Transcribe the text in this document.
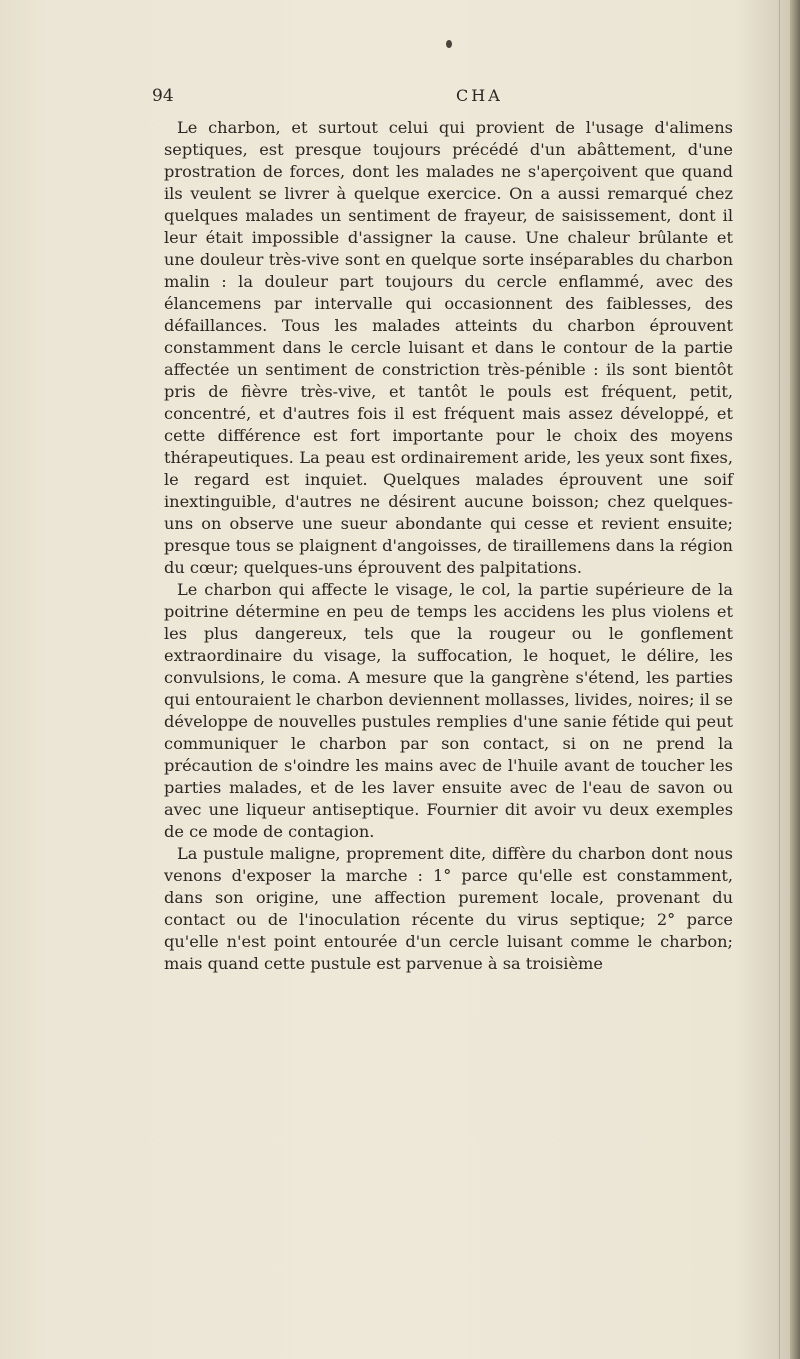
94	CHA

Le charbon, et surtout celui qui provient de l'usage d'alimens septiques, est presque toujours précédé d'un abâttement, d'une prostration de forces, dont les malades ne s'aperçoivent que quand ils veulent se livrer à quelque exercice. On a aussi remarqué chez quelques malades un sentiment de frayeur, de saisissement, dont il leur était impossible d'assigner la cause. Une chaleur brûlante et une douleur très-vive sont en quelque sorte inséparables du charbon malin : la douleur part toujours du cercle enflammé, avec des élancemens par intervalle qui occasionnent des faiblesses, des défaillances. Tous les malades atteints du charbon éprouvent constamment dans le cercle luisant et dans le contour de la partie affectée un sentiment de constriction très-pénible : ils sont bientôt pris de fièvre très-vive, et tantôt le pouls est fréquent, petit, concentré, et d'autres fois il est fréquent mais assez développé, et cette différence est fort importante pour le choix des moyens thérapeutiques. La peau est ordinairement aride, les yeux sont fixes, le regard est inquiet. Quelques malades éprouvent une soif inextinguible, d'autres ne désirent aucune boisson; chez quelques-uns on observe une sueur abondante qui cesse et revient ensuite; presque tous se plaignent d'angoisses, de tiraillemens dans la région du cœur; quelques-uns éprouvent des palpitations.

Le charbon qui affecte le visage, le col, la partie supérieure de la poitrine détermine en peu de temps les accidens les plus violens et les plus dangereux, tels que la rougeur ou le gonflement extraordinaire du visage, la suffocation, le hoquet, le délire, les convulsions, le coma. A mesure que la gangrène s'étend, les parties qui entouraient le charbon deviennent mollasses, livides, noires; il se développe de nouvelles pustules remplies d'une sanie fétide qui peut communiquer le charbon par son contact, si on ne prend la précaution de s'oindre les mains avec de l'huile avant de toucher les parties malades, et de les laver ensuite avec de l'eau de savon ou avec une liqueur antiseptique. Fournier dit avoir vu deux exemples de ce mode de contagion.

La pustule maligne, proprement dite, diffère du charbon dont nous venons d'exposer la marche : 1° parce qu'elle est constamment, dans son origine, une affection purement locale, provenant du contact ou de l'inoculation récente du virus septique; 2° parce qu'elle n'est point entourée d'un cercle luisant comme le charbon; mais quand cette pustule est parvenue à sa troisième
